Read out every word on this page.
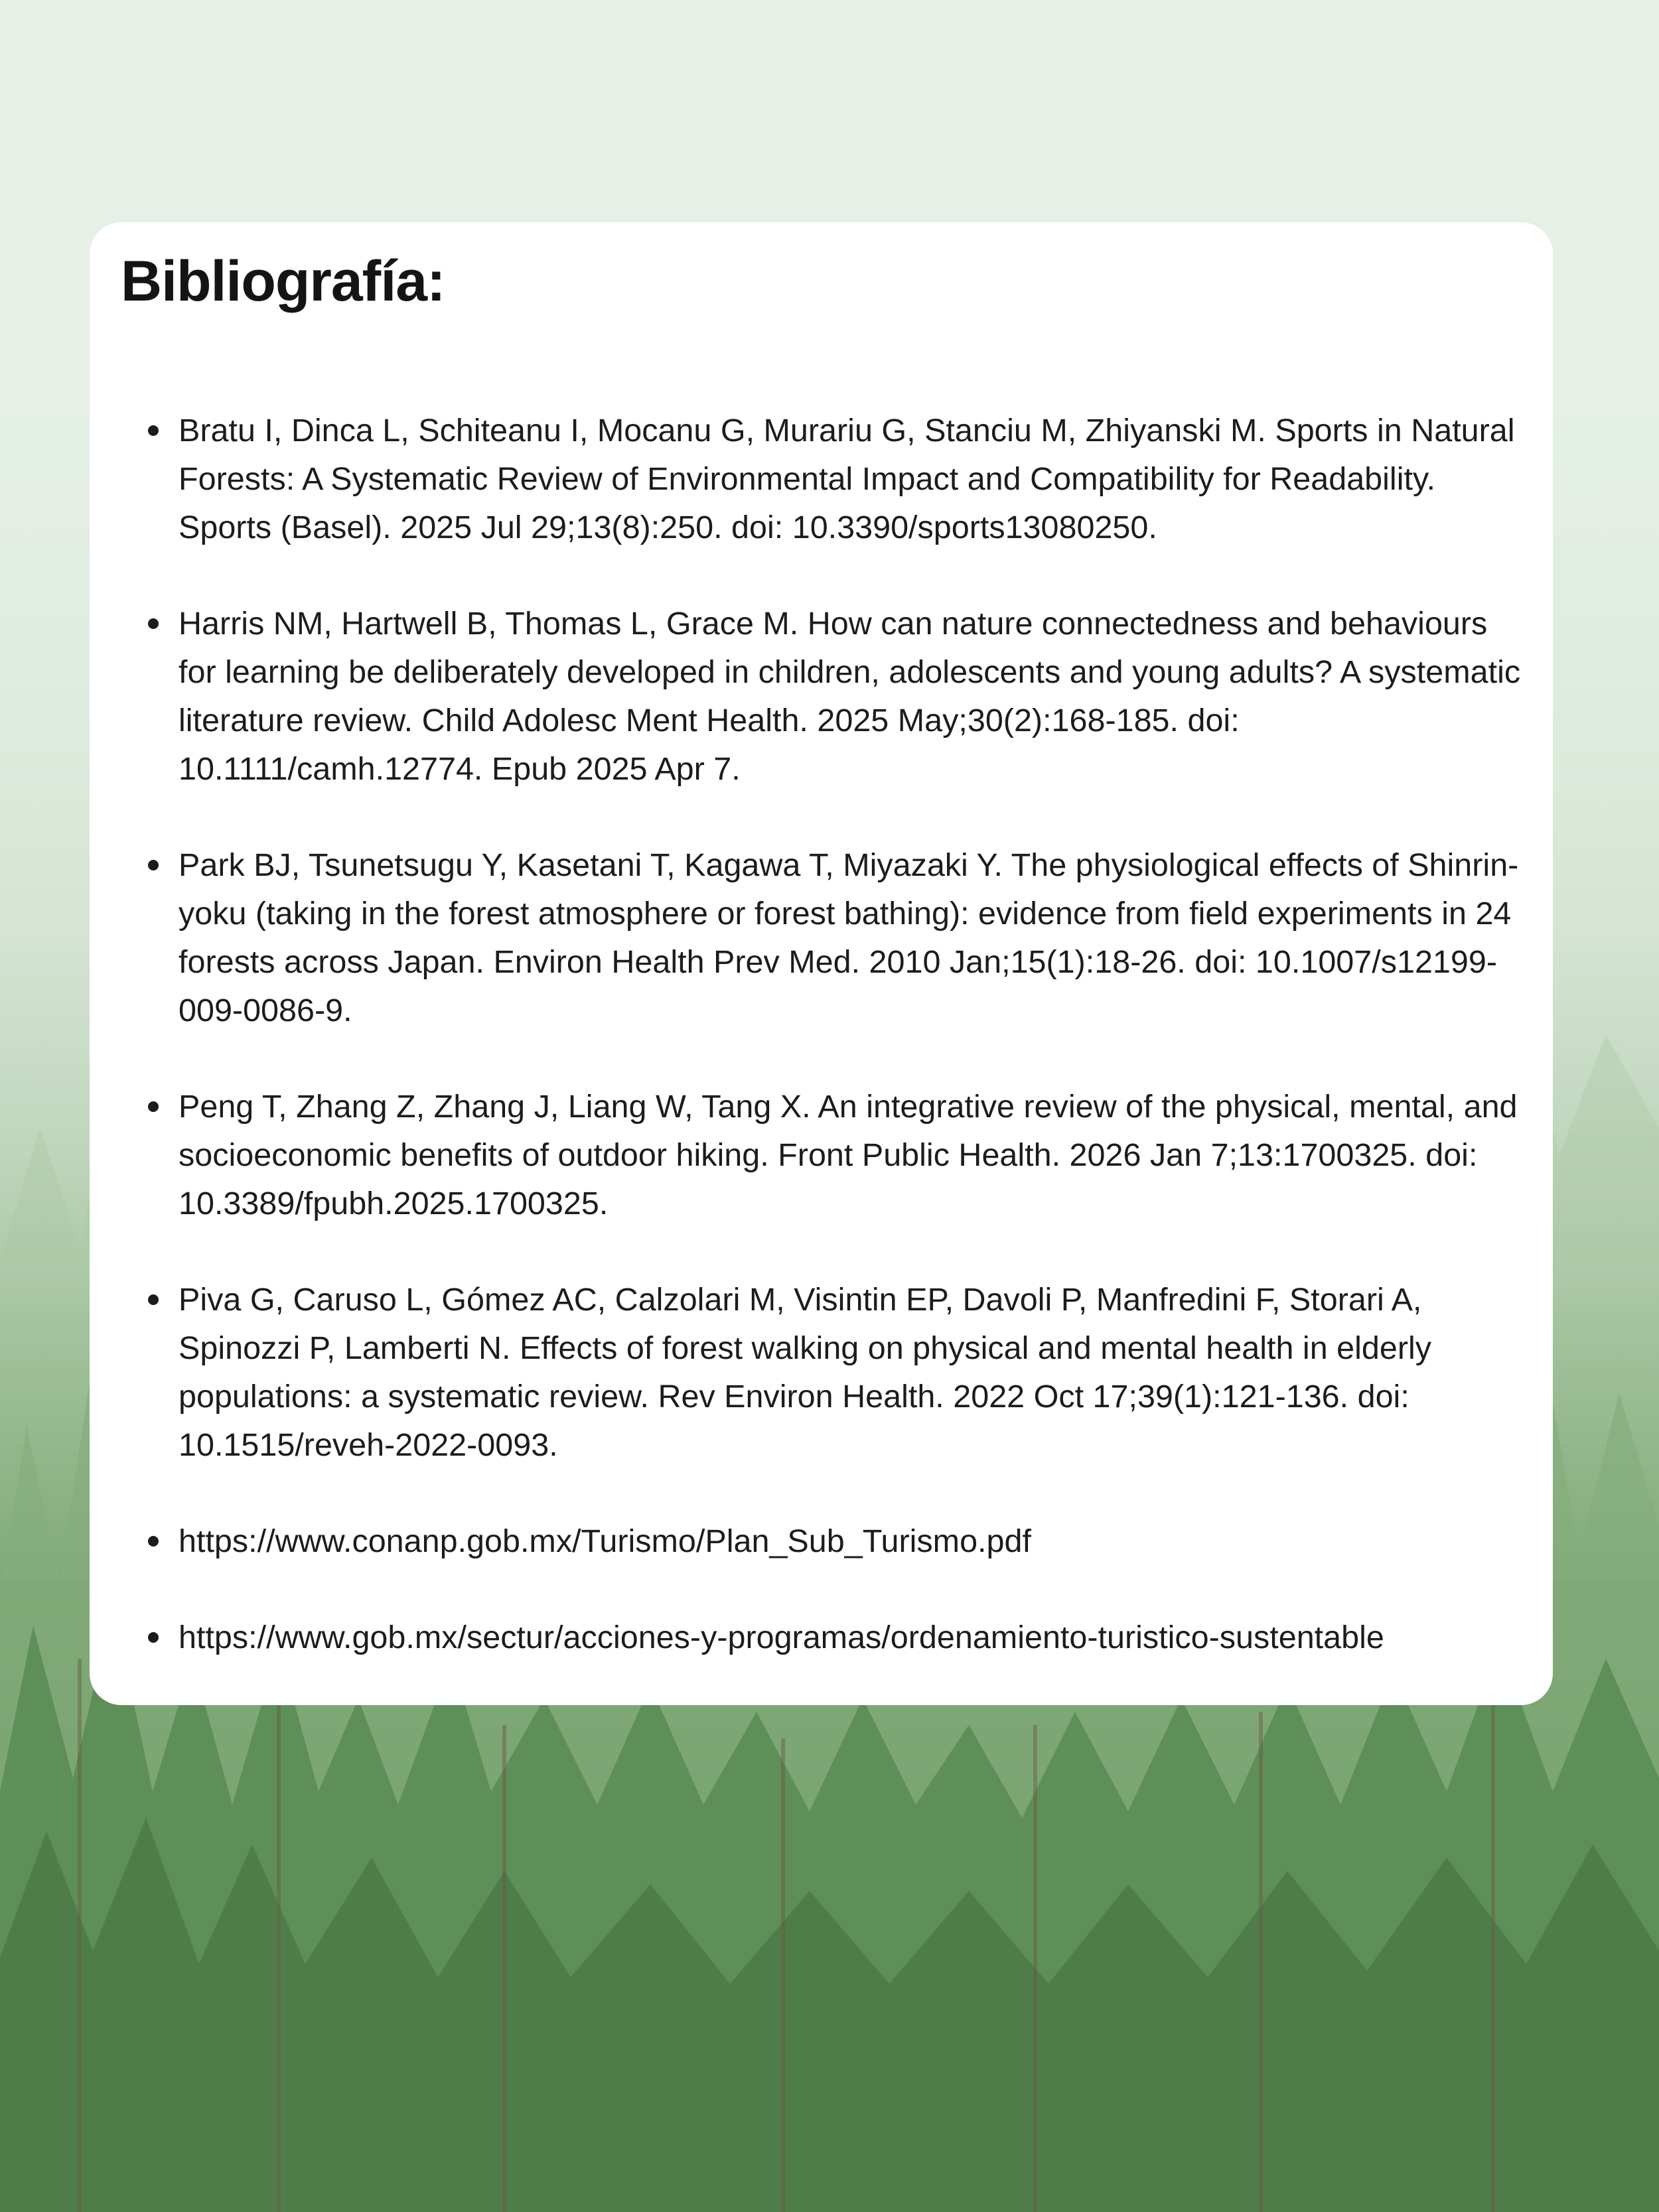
Bibliografía:
Bratu I, Dinca L, Schiteanu I, Mocanu G, Murariu G, Stanciu M, Zhiyanski M. Sports in Natural Forests: A Systematic Review of Environmental Impact and Compatibility for Readability. Sports (Basel). 2025 Jul 29;13(8):250. doi: 10.3390/sports13080250.
Harris NM, Hartwell B, Thomas L, Grace M. How can nature connectedness and behaviours for learning be deliberately developed in children, adolescents and young adults? A systematic literature review. Child Adolesc Ment Health. 2025 May;30(2):168-185. doi: 10.1111/camh.12774. Epub 2025 Apr 7.
Park BJ, Tsunetsugu Y, Kasetani T, Kagawa T, Miyazaki Y. The physiological effects of Shinrin-yoku (taking in the forest atmosphere or forest bathing): evidence from field experiments in 24 forests across Japan. Environ Health Prev Med. 2010 Jan;15(1):18-26. doi: 10.1007/s12199-009-0086-9.
Peng T, Zhang Z, Zhang J, Liang W, Tang X. An integrative review of the physical, mental, and socioeconomic benefits of outdoor hiking. Front Public Health. 2026 Jan 7;13:1700325. doi: 10.3389/fpubh.2025.1700325.
Piva G, Caruso L, Gómez AC, Calzolari M, Visintin EP, Davoli P, Manfredini F, Storari A, Spinozzi P, Lamberti N. Effects of forest walking on physical and mental health in elderly populations: a systematic review. Rev Environ Health. 2022 Oct 17;39(1):121-136. doi: 10.1515/reveh-2022-0093.
https://www.conanp.gob.mx/Turismo/Plan_Sub_Turismo.pdf
https://www.gob.mx/sectur/acciones-y-programas/ordenamiento-turistico-sustentable
